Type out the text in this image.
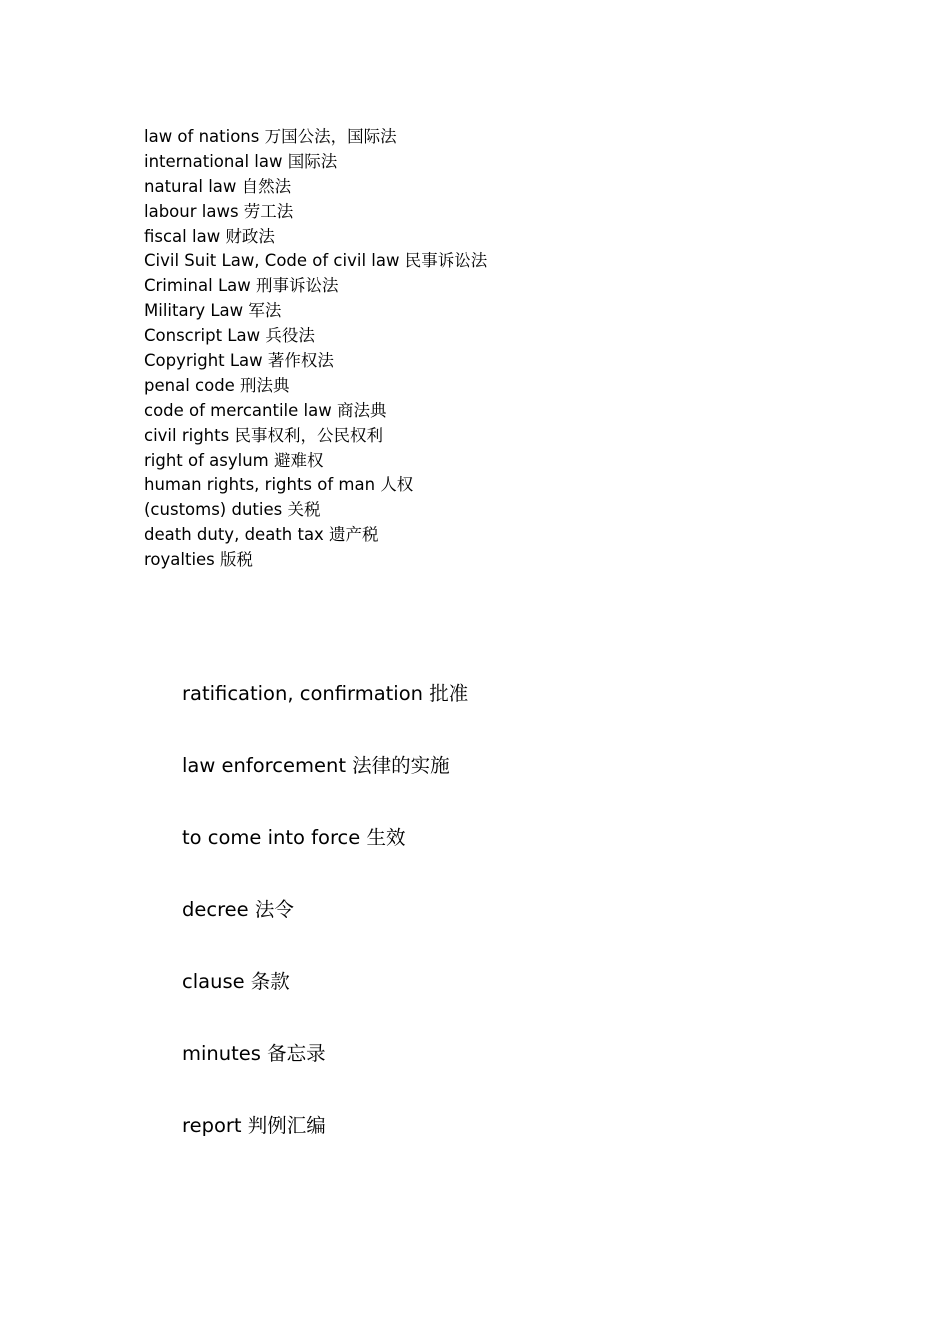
law of nations 万国公法，国际法
international law 国际法
natural law 自然法
labour laws 劳工法
fiscal law 财政法
Civil Suit Law, Code of civil law 民事诉讼法
Criminal Law 刑事诉讼法
Military Law 军法
Conscript Law 兵役法
Copyright Law 著作权法
penal code 刑法典
code of mercantile law 商法典
civil rights 民事权利，公民权利
right of asylum 避难权
human rights, rights of man 人权
(customs) duties 关税
death duty, death tax 遗产税
royalties 版税
ratification, confirmation 批准
law enforcement 法律的实施
to come into force 生效
decree 法令
clause 条款
minutes 备忘录
report 判例汇编
